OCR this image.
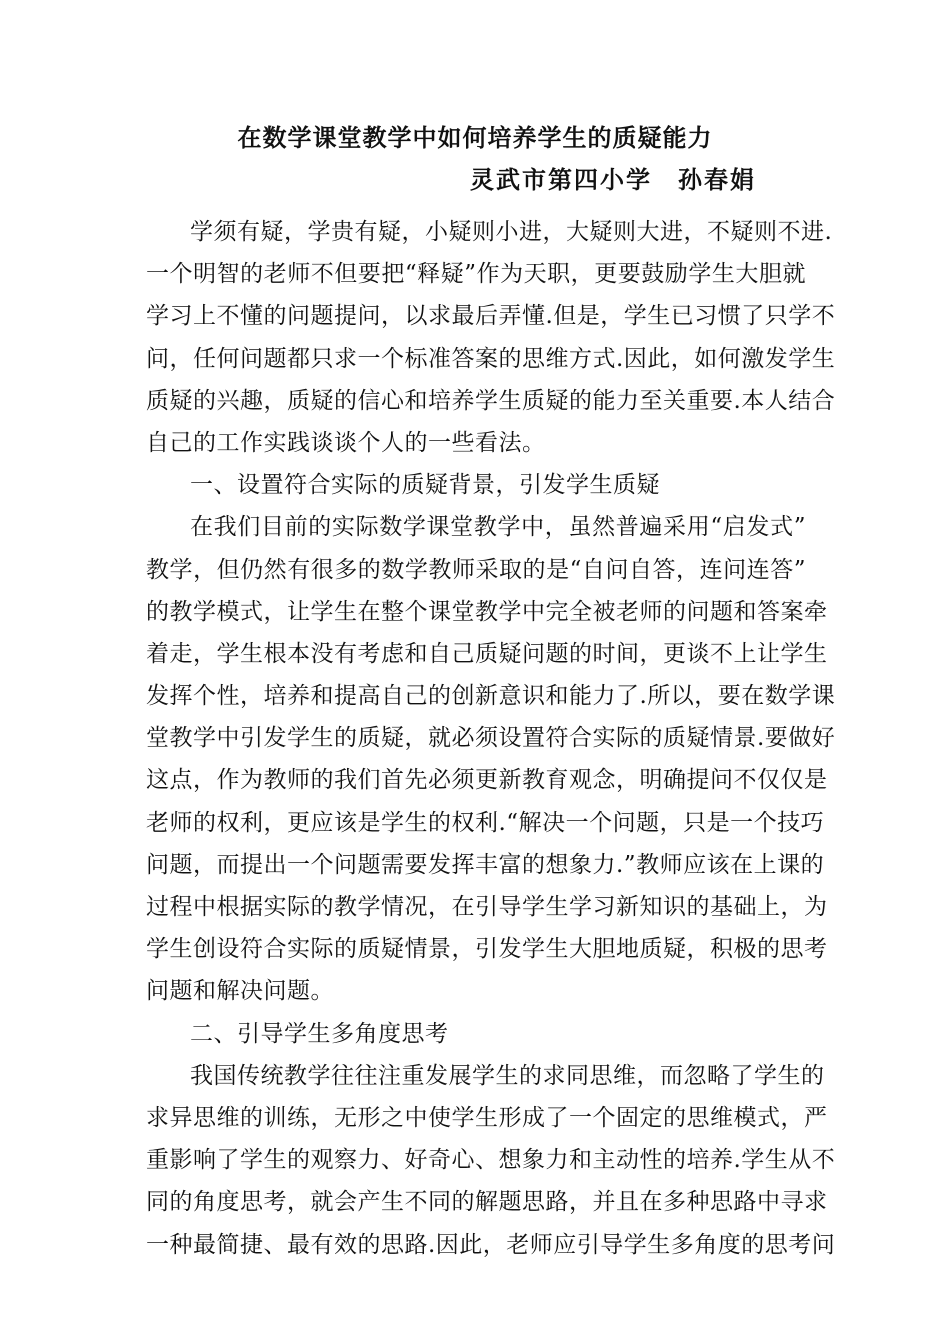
在数学课堂教学中如何培养学生的质疑能力
灵武市第四小学　孙春娟
学须有疑，学贵有疑，小疑则小进，大疑则大进，不疑则不进.
一个明智的老师不但要把“释疑”作为天职，更要鼓励学生大胆就
学习上不懂的问题提问，以求最后弄懂.但是，学生已习惯了只学不
问，任何问题都只求一个标准答案的思维方式.因此，如何激发学生
质疑的兴趣，质疑的信心和培养学生质疑的能力至关重要.本人结合
自己的工作实践谈谈个人的一些看法。
一、设置符合实际的质疑背景，引发学生质疑
在我们目前的实际数学课堂教学中，虽然普遍采用“启发式”
教学，但仍然有很多的数学教师采取的是“自问自答，连问连答”
的教学模式，让学生在整个课堂教学中完全被老师的问题和答案牵
着走，学生根本没有考虑和自己质疑问题的时间，更谈不上让学生
发挥个性，培养和提高自己的创新意识和能力了.所以，要在数学课
堂教学中引发学生的质疑，就必须设置符合实际的质疑情景.要做好
这点，作为教师的我们首先必须更新教育观念，明确提问不仅仅是
老师的权利，更应该是学生的权利.“解决一个问题，只是一个技巧
问题，而提出一个问题需要发挥丰富的想象力.”教师应该在上课的
过程中根据实际的教学情况，在引导学生学习新知识的基础上，为
学生创设符合实际的质疑情景，引发学生大胆地质疑，积极的思考
问题和解决问题。
二、引导学生多角度思考
我国传统教学往往注重发展学生的求同思维，而忽略了学生的
求异思维的训练，无形之中使学生形成了一个固定的思维模式，严
重影响了学生的观察力、好奇心、想象力和主动性的培养.学生从不
同的角度思考，就会产生不同的解题思路，并且在多种思路中寻求
一种最简捷、最有效的思路.因此，老师应引导学生多角度的思考问
